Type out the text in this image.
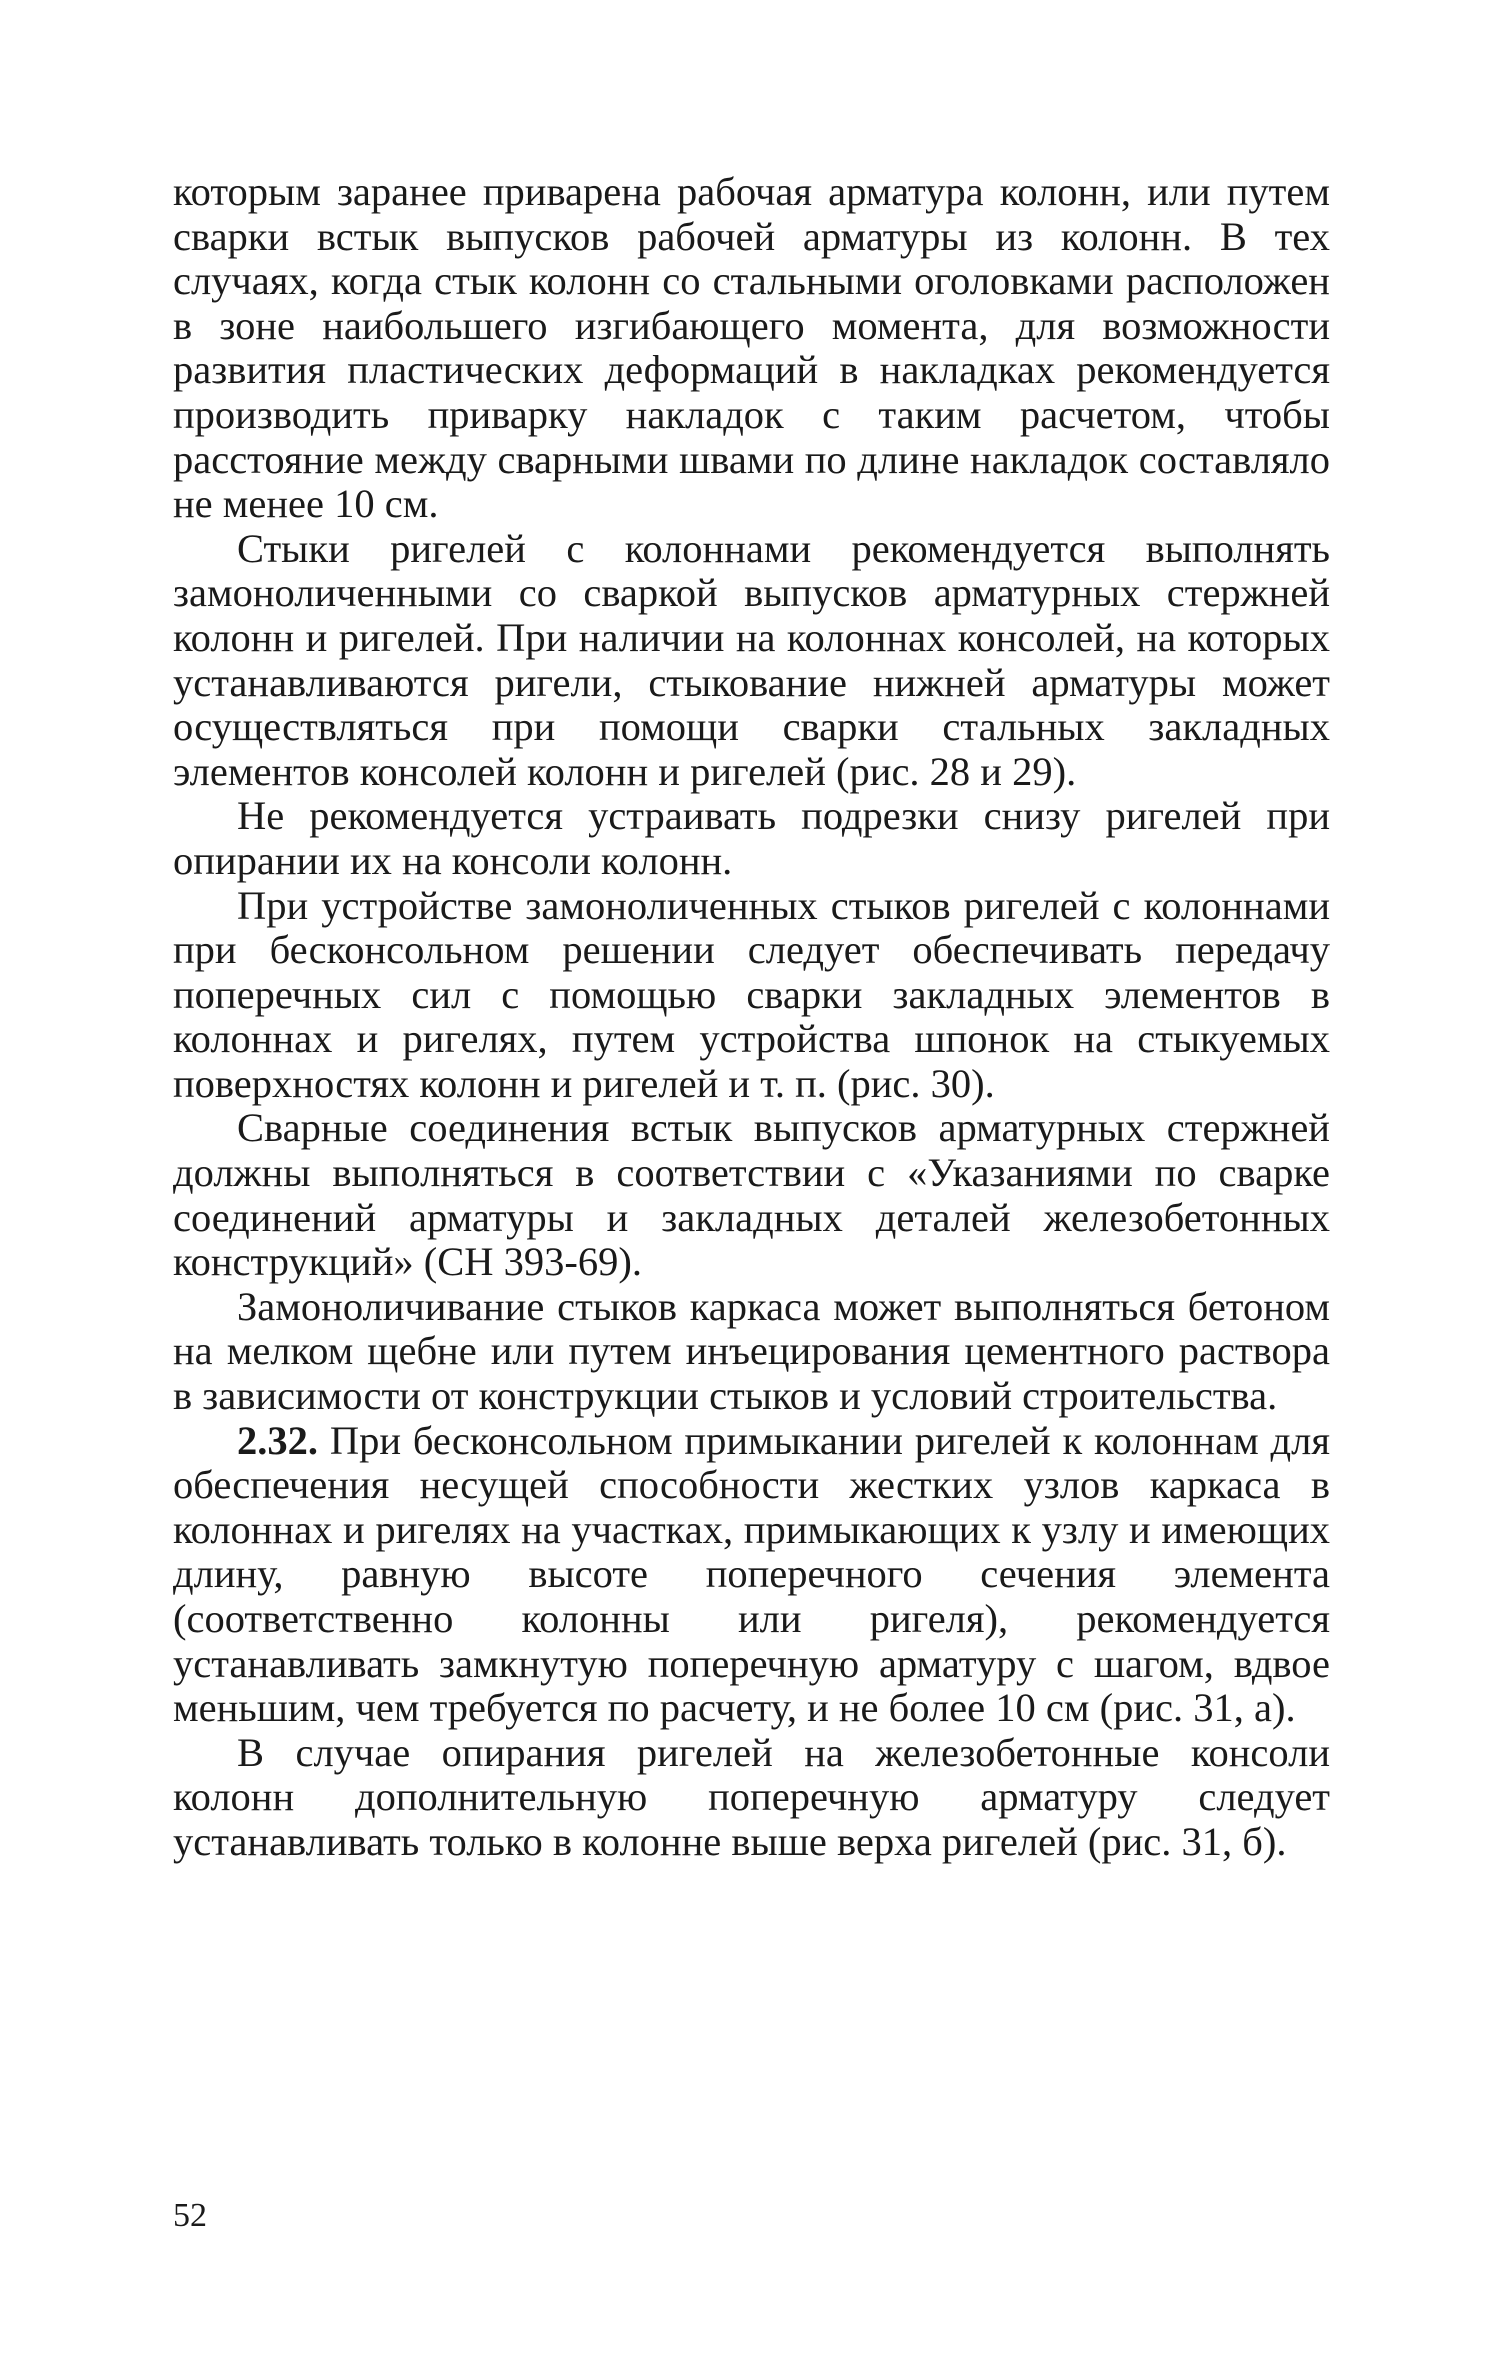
которым заранее приварена рабочая арматура колонн, или путем сварки встык выпусков рабочей арматуры из колонн. В тех случаях, когда стык колонн со стальными оголовками расположен в зоне наибольшего изгибающего момента, для возможности развития пластических деформаций в накладках рекомендуется производить приварку накладок с таким расчетом, чтобы расстояние между сварными швами по длине накладок составляло не менее 10 см.

Стыки ригелей с колоннами рекомендуется выполнять замоноличенными со сваркой выпусков арматурных стержней колонн и ригелей. При наличии на колоннах консолей, на которых устанавливаются ригели, стыкование нижней арматуры может осуществляться при помощи сварки стальных закладных элементов консолей колонн и ригелей (рис. 28 и 29).

Не рекомендуется устраивать подрезки снизу ригелей при опирании их на консоли колонн.

При устройстве замоноличенных стыков ригелей с колоннами при бесконсольном решении следует обеспечивать передачу поперечных сил с помощью сварки закладных элементов в колоннах и ригелях, путем устройства шпонок на стыкуемых поверхностях колонн и ригелей и т. п. (рис. 30).

Сварные соединения встык выпусков арматурных стержней должны выполняться в соответствии с «Указаниями по сварке соединений арматуры и закладных деталей железобетонных конструкций» (СН 393-69).

Замоноличивание стыков каркаса может выполняться бетоном на мелком щебне или путем инъецирования цементного раствора в зависимости от конструкции стыков и условий строительства.

2.32. При бесконсольном примыкании ригелей к колоннам для обеспечения несущей способности жестких узлов каркаса в колоннах и ригелях на участках, примыкающих к узлу и имеющих длину, равную высоте поперечного сечения элемента (соответственно колонны или ригеля), рекомендуется устанавливать замкнутую поперечную арматуру с шагом, вдвое меньшим, чем требуется по расчету, и не более 10 см (рис. 31, а).

В случае опирания ригелей на железобетонные консоли колонн дополнительную поперечную арматуру следует устанавливать только в колонне выше верха ригелей (рис. 31, б).

52
